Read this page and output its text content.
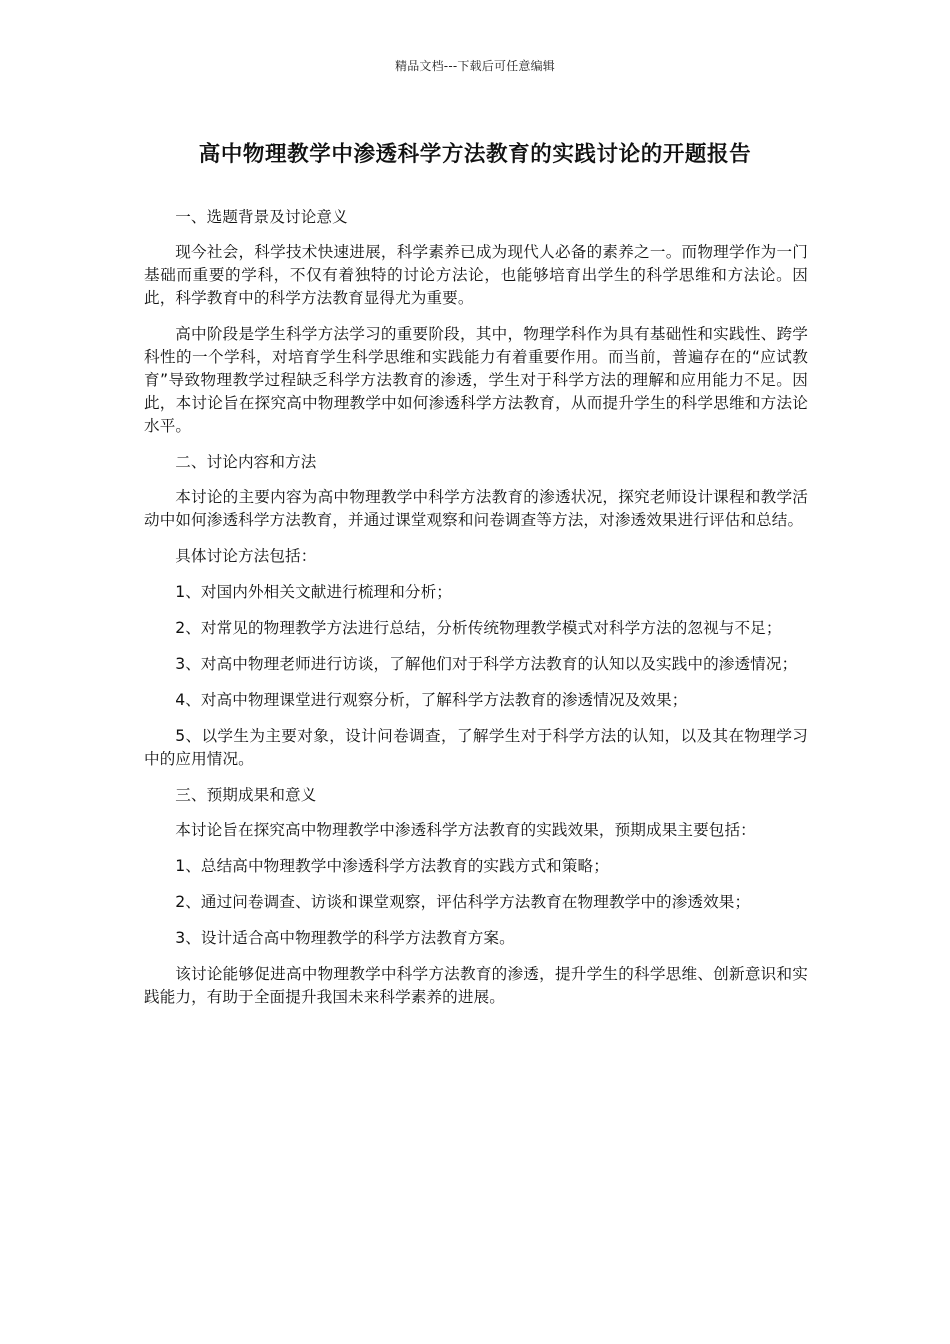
精品文档---下载后可任意编辑
高中物理教学中渗透科学方法教育的实践讨论的开题报告

一、选题背景及讨论意义

现今社会，科学技术快速进展，科学素养已成为现代人必备的素养之一。而物理学作为一门基础而重要的学科，不仅有着独特的讨论方法论，也能够培育出学生的科学思维和方法论。因此，科学教育中的科学方法教育显得尤为重要。

高中阶段是学生科学方法学习的重要阶段，其中，物理学科作为具有基础性和实践性、跨学科性的一个学科，对培育学生科学思维和实践能力有着重要作用。而当前，普遍存在的“应试教育”导致物理教学过程缺乏科学方法教育的渗透，学生对于科学方法的理解和应用能力不足。因此，本讨论旨在探究高中物理教学中如何渗透科学方法教育，从而提升学生的科学思维和方法论水平。

二、讨论内容和方法

本讨论的主要内容为高中物理教学中科学方法教育的渗透状况，探究老师设计课程和教学活动中如何渗透科学方法教育，并通过课堂观察和问卷调查等方法，对渗透效果进行评估和总结。

具体讨论方法包括：

1、对国内外相关文献进行梳理和分析；

2、对常见的物理教学方法进行总结，分析传统物理教学模式对科学方法的忽视与不足；

3、对高中物理老师进行访谈，了解他们对于科学方法教育的认知以及实践中的渗透情况；

4、对高中物理课堂进行观察分析，了解科学方法教育的渗透情况及效果；

5、以学生为主要对象，设计问卷调查，了解学生对于科学方法的认知，以及其在物理学习中的应用情况。

三、预期成果和意义

本讨论旨在探究高中物理教学中渗透科学方法教育的实践效果，预期成果主要包括：

1、总结高中物理教学中渗透科学方法教育的实践方式和策略；

2、通过问卷调查、访谈和课堂观察，评估科学方法教育在物理教学中的渗透效果；

3、设计适合高中物理教学的科学方法教育方案。

该讨论能够促进高中物理教学中科学方法教育的渗透，提升学生的科学思维、创新意识和实践能力，有助于全面提升我国未来科学素养的进展。
